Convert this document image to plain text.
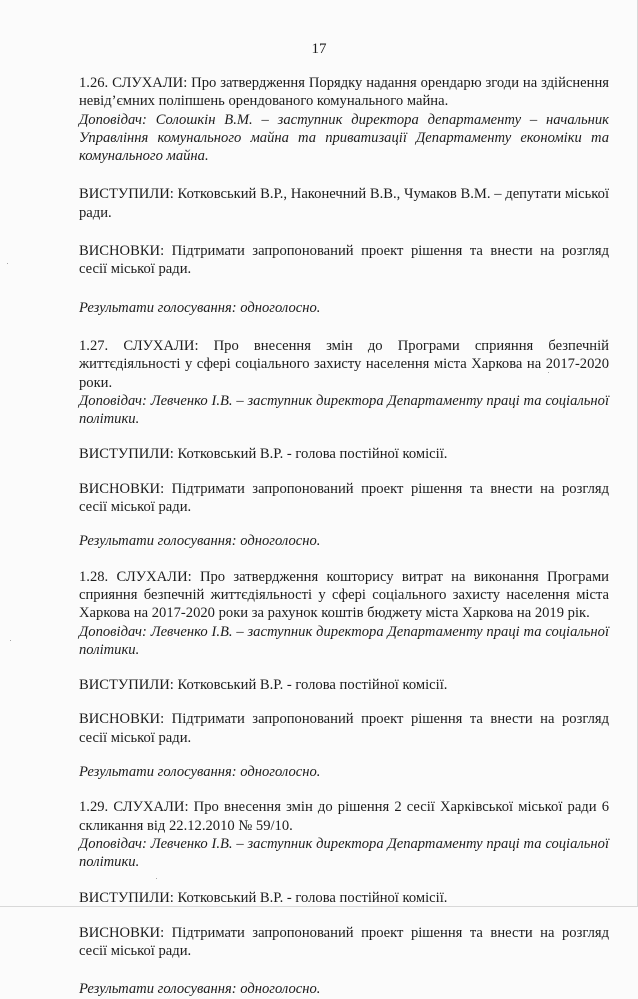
17

1.26. СЛУХАЛИ: Про затвердження Порядку надання орендарю згоди на здійснення невід’ємних поліпшень орендованого комунального майна.

Доповідач: Солошкін В.М. – заступник директора департаменту – начальник Управління комунального майна та приватизації Департаменту економіки та комунального майна.

ВИСТУПИЛИ: Котковський В.Р., Наконечний В.В., Чумаков В.М. – депутати міської ради.

ВИСНОВКИ: Підтримати запропонований проект рішення та внести на розгляд сесії міської ради.

Результати голосування: одноголосно.

1.27. СЛУХАЛИ: Про внесення змін до Програми сприяння безпечній життєдіяльності у сфері соціального захисту населення міста Харкова на 2017-2020 роки.

Доповідач: Левченко І.В. – заступник директора Департаменту праці та соціальної політики.

ВИСТУПИЛИ: Котковський В.Р. - голова постійної комісії.

ВИСНОВКИ: Підтримати запропонований проект рішення та внести на розгляд сесії міської ради.

Результати голосування: одноголосно.

1.28. СЛУХАЛИ: Про затвердження кошторису витрат на виконання Програми сприяння безпечній життєдіяльності у сфері соціального захисту населення міста Харкова на 2017-2020 роки за рахунок коштів бюджету міста Харкова на 2019 рік.

Доповідач: Левченко І.В. – заступник директора Департаменту праці та соціальної політики.

ВИСТУПИЛИ: Котковський В.Р. - голова постійної комісії.

ВИСНОВКИ: Підтримати запропонований проект рішення та внести на розгляд сесії міської ради.

Результати голосування: одноголосно.

1.29. СЛУХАЛИ: Про внесення змін до рішення 2 сесії Харківської міської ради 6 скликання від 22.12.2010 № 59/10.

Доповідач: Левченко І.В. – заступник директора Департаменту праці та соціальної політики.

ВИСТУПИЛИ: Котковський В.Р. - голова постійної комісії.

ВИСНОВКИ: Підтримати запропонований проект рішення та внести на розгляд сесії міської ради.

Результати голосування: одноголосно.
